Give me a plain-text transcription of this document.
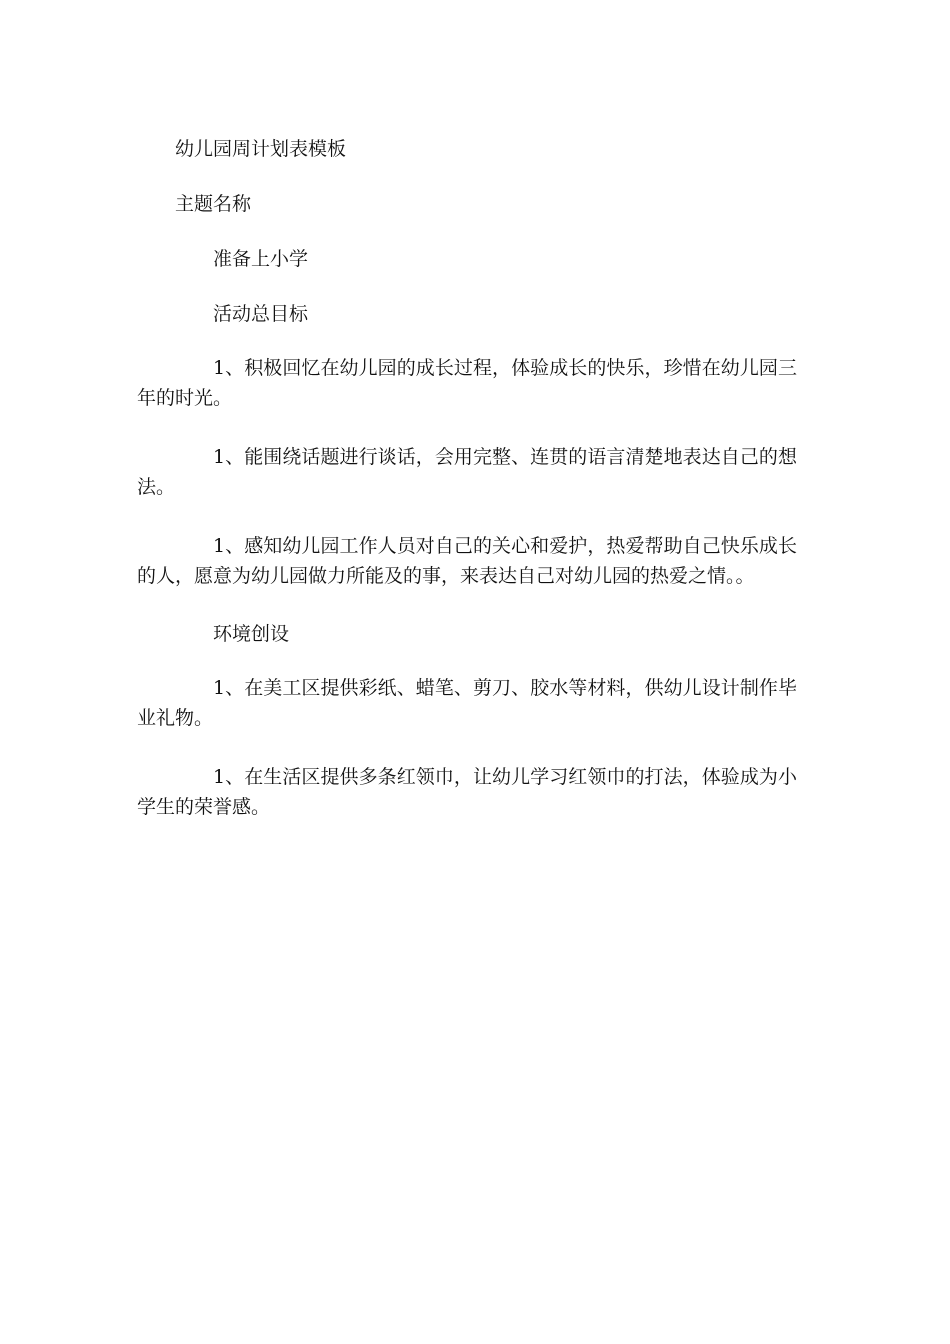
幼儿园周计划表模板
主题名称
准备上小学
活动总目标
1、积极回忆在幼儿园的成长过程，体验成长的快乐，珍惜在幼儿园三年的时光。
1、能围绕话题进行谈话，会用完整、连贯的语言清楚地表达自己的想法。
1、感知幼儿园工作人员对自己的关心和爱护，热爱帮助自己快乐成长的人，愿意为幼儿园做力所能及的事，来表达自己对幼儿园的热爱之情。。
环境创设
1、在美工区提供彩纸、蜡笔、剪刀、胶水等材料，供幼儿设计制作毕业礼物。
1、在生活区提供多条红领巾，让幼儿学习红领巾的打法，体验成为小学生的荣誉感。
